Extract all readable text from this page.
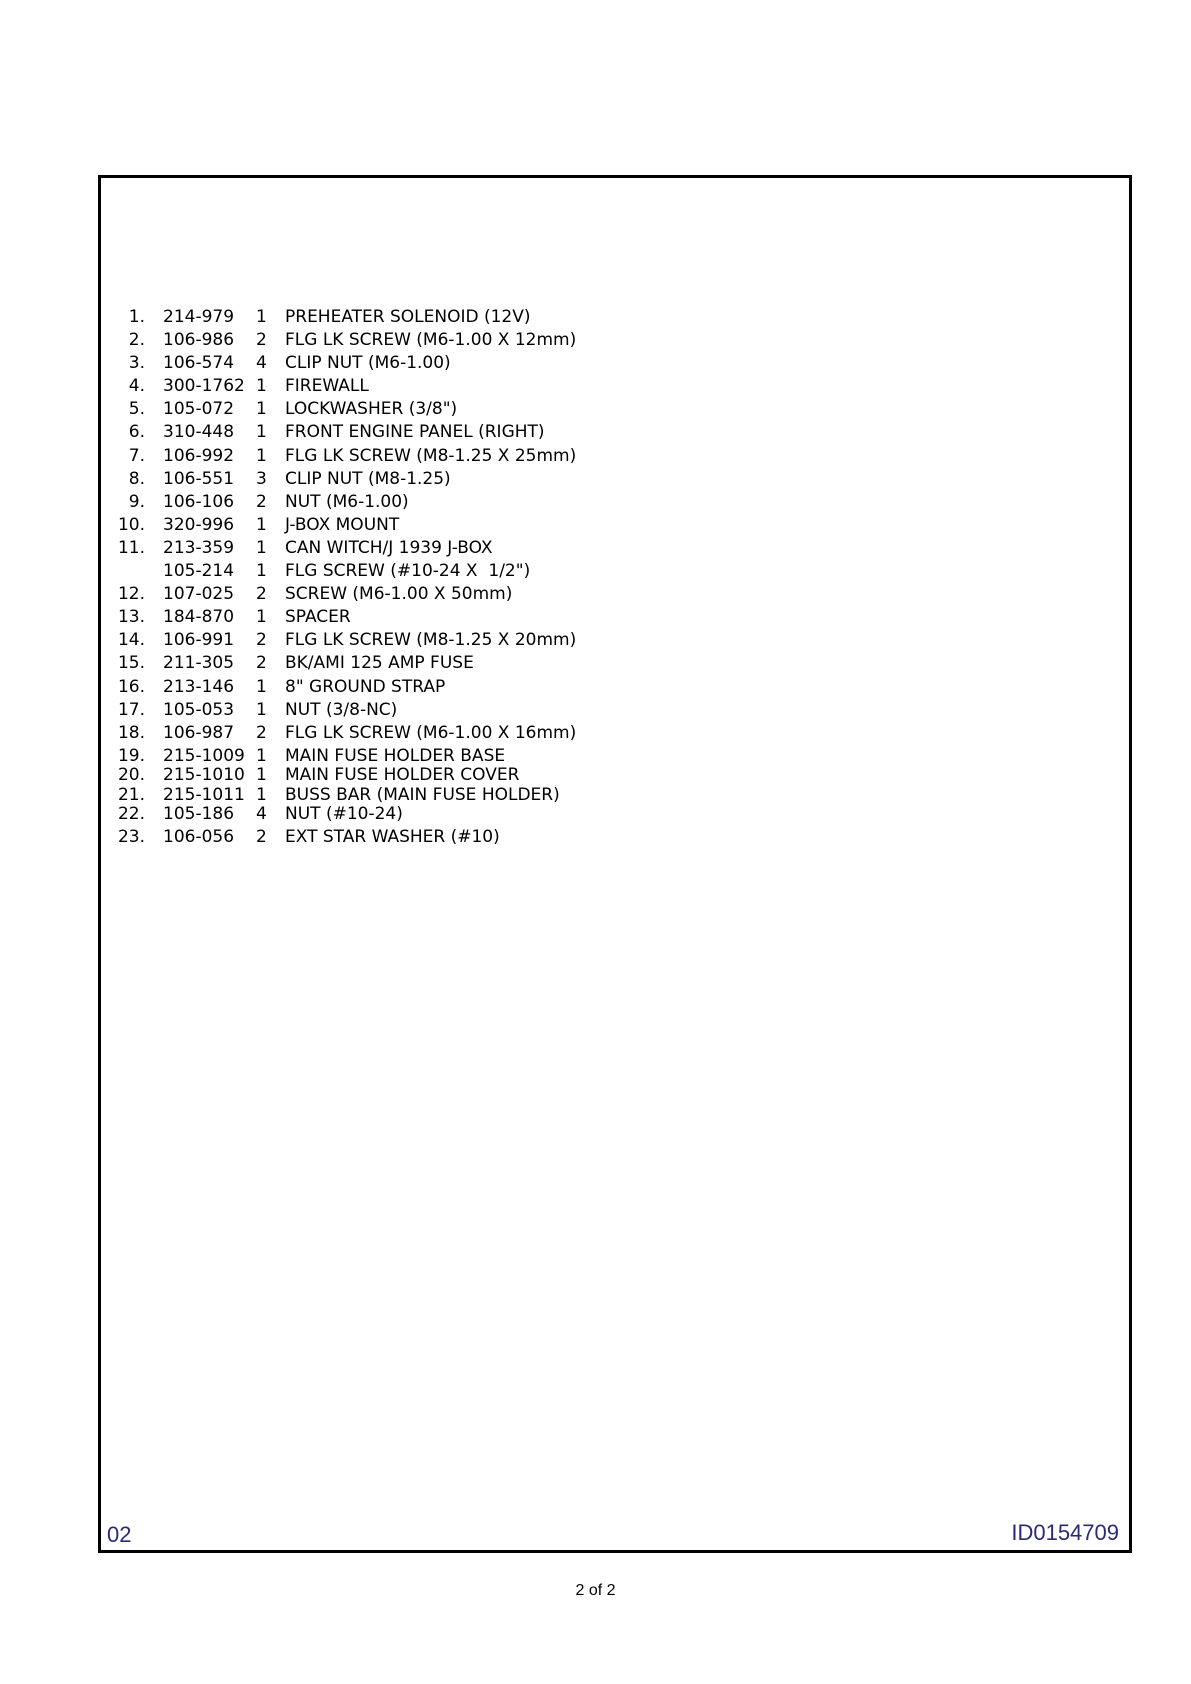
1. 214-979 1 PREHEATER SOLENOID (12V)
2. 106-986 2 FLG LK SCREW (M6-1.00 X 12mm)
3. 106-574 4 CLIP NUT (M6-1.00)
4. 300-1762 1 FIREWALL
5. 105-072 1 LOCKWASHER (3/8")
6. 310-448 1 FRONT ENGINE PANEL (RIGHT)
7. 106-992 1 FLG LK SCREW (M8-1.25 X 25mm)
8. 106-551 3 CLIP NUT (M8-1.25)
9. 106-106 2 NUT (M6-1.00)
10. 320-996 1 J-BOX MOUNT
11. 213-359 1 CAN WITCH/J 1939 J-BOX
105-214 1 FLG SCREW (#10-24 X  1/2")
12. 107-025 2 SCREW (M6-1.00 X 50mm)
13. 184-870 1 SPACER
14. 106-991 2 FLG LK SCREW (M8-1.25 X 20mm)
15. 211-305 2 BK/AMI 125 AMP FUSE
16. 213-146 1 8" GROUND STRAP
17. 105-053 1 NUT (3/8-NC)
18. 106-987 2 FLG LK SCREW (M6-1.00 X 16mm)
19. 215-1009 1 MAIN FUSE HOLDER BASE
20. 215-1010 1 MAIN FUSE HOLDER COVER
21. 215-1011 1 BUSS BAR (MAIN FUSE HOLDER)
22. 105-186 4 NUT (#10-24)
23. 106-056 2 EXT STAR WASHER (#10)
02	ID0154709
2 of 2
